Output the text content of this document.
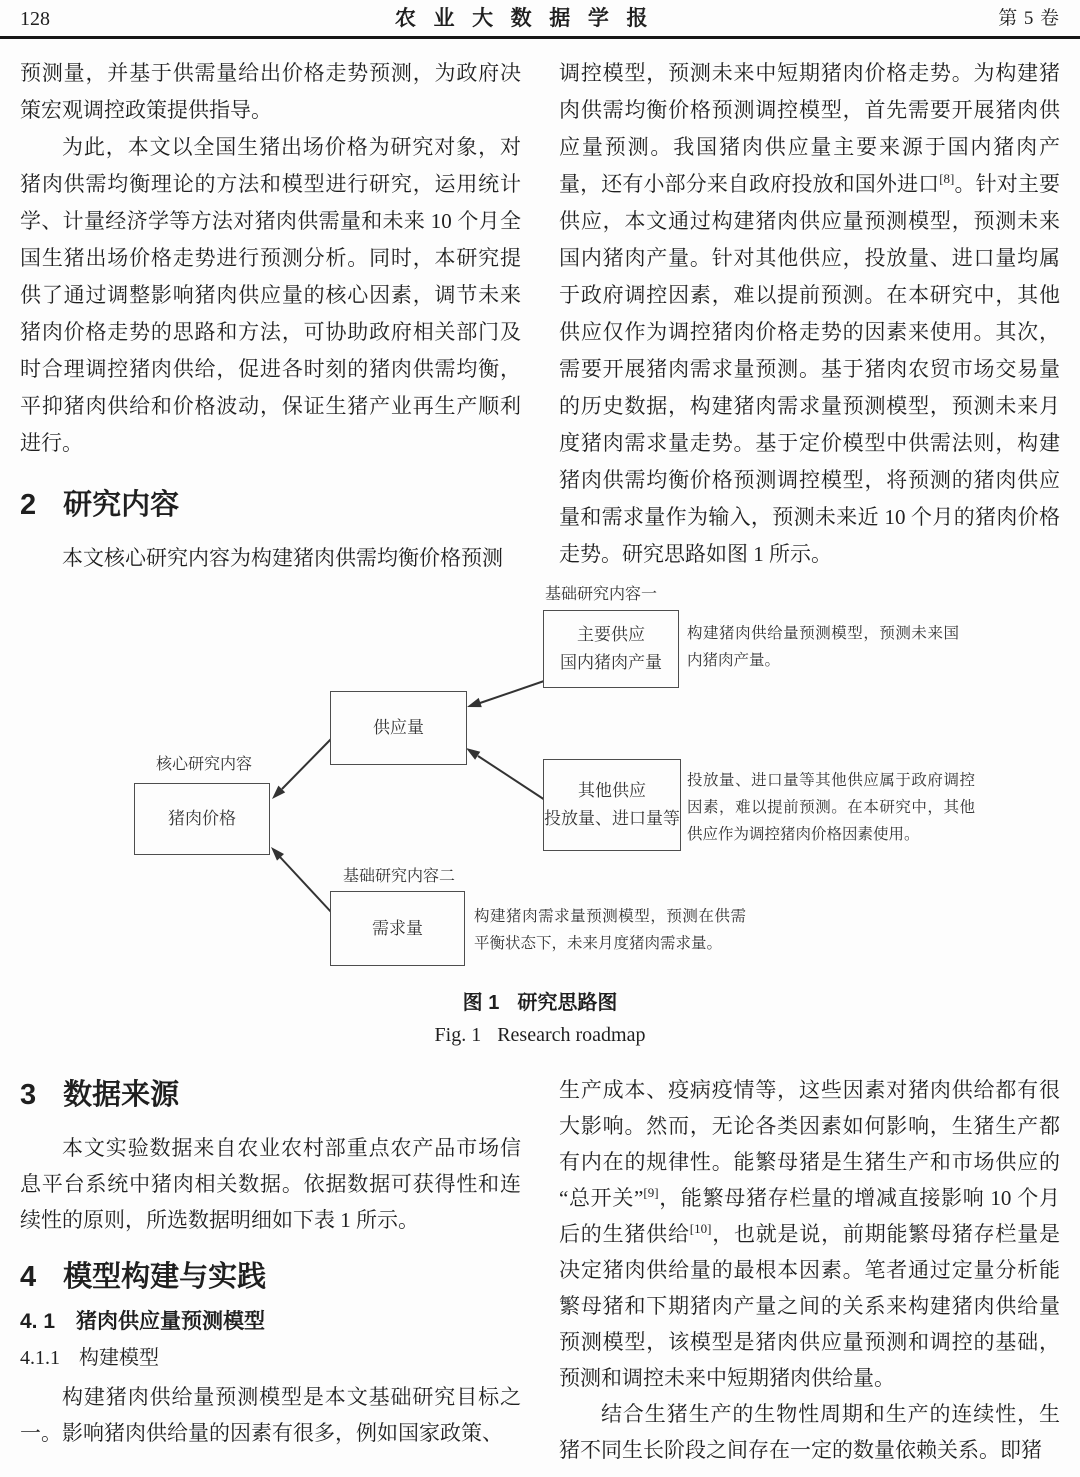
128	农 业 大 数 据 学 报	第 5 卷

预测量，并基于供需量给出价格走势预测，为政府决策宏观调控政策提供指导。

为此，本文以全国生猪出场价格为研究对象，对猪肉供需均衡理论的方法和模型进行研究，运用统计学、计量经济学等方法对猪肉供需量和未来 10 个月全国生猪出场价格走势进行预测分析。同时，本研究提供了通过调整影响猪肉供应量的核心因素，调节未来猪肉价格走势的思路和方法，可协助政府相关部门及时合理调控猪肉供给，促进各时刻的猪肉供需均衡，平抑猪肉供给和价格波动，保证生猪产业再生产顺利进行。

2 研究内容

本文核心研究内容为构建猪肉供需均衡价格预测

调控模型，预测未来中短期猪肉价格走势。为构建猪肉供需均衡价格预测调控模型，首先需要开展猪肉供应量预测。我国猪肉供应量主要来源于国内猪肉产量，还有小部分来自政府投放和国外进口[8]。针对主要供应，本文通过构建猪肉供应量预测模型，预测未来国内猪肉产量。针对其他供应，投放量、进口量均属于政府调控因素，难以提前预测。在本研究中，其他供应仅作为调控猪肉价格走势的因素来使用。其次，需要开展猪肉需求量预测。基于猪肉农贸市场交易量的历史数据，构建猪肉需求量预测模型，预测未来月度猪肉需求量走势。基于定价模型中供需法则，构建猪肉供需均衡价格预测调控模型，将预测的猪肉供应量和需求量作为输入，预测未来近 10 个月的猪肉价格走势。研究思路如图 1 所示。

基础研究内容一
主要供应
国内猪肉产量
构建猪肉供给量预测模型，预测未来国内猪肉产量。
供应量
核心研究内容
猪肉价格
其他供应
投放量、进口量等
投放量、进口量等其他供应属于政府调控因素，难以提前预测。在本研究中，其他供应作为调控猪肉价格因素使用。
基础研究内容二
需求量
构建猪肉需求量预测模型，预测在供需平衡状态下，未来月度猪肉需求量。
图 1 研究思路图
Fig. 1 Research roadmap
3 数据来源

本文实验数据来自农业农村部重点农产品市场信息平台系统中猪肉相关数据。依据数据可获得性和连续性的原则，所选数据明细如下表 1 所示。

4 模型构建与实践
4. 1 猪肉供应量预测模型
4.1.1 构建模型

构建猪肉供给量预测模型是本文基础研究目标之一。影响猪肉供给量的因素有很多，例如国家政策、

生产成本、疫病疫情等，这些因素对猪肉供给都有很大影响。然而，无论各类因素如何影响，生猪生产都有内在的规律性。能繁母猪是生猪生产和市场供应的“总开关”[9]，能繁母猪存栏量的增减直接影响 10 个月后的生猪供给[10]，也就是说，前期能繁母猪存栏量是决定猪肉供给量的最根本因素。笔者通过定量分析能繁母猪和下期猪肉产量之间的关系来构建猪肉供给量预测模型，该模型是猪肉供应量预测和调控的基础，预测和调控未来中短期猪肉供给量。

结合生猪生产的生物性周期和生产的连续性，生猪不同生长阶段之间存在一定的数量依赖关系。即猪
